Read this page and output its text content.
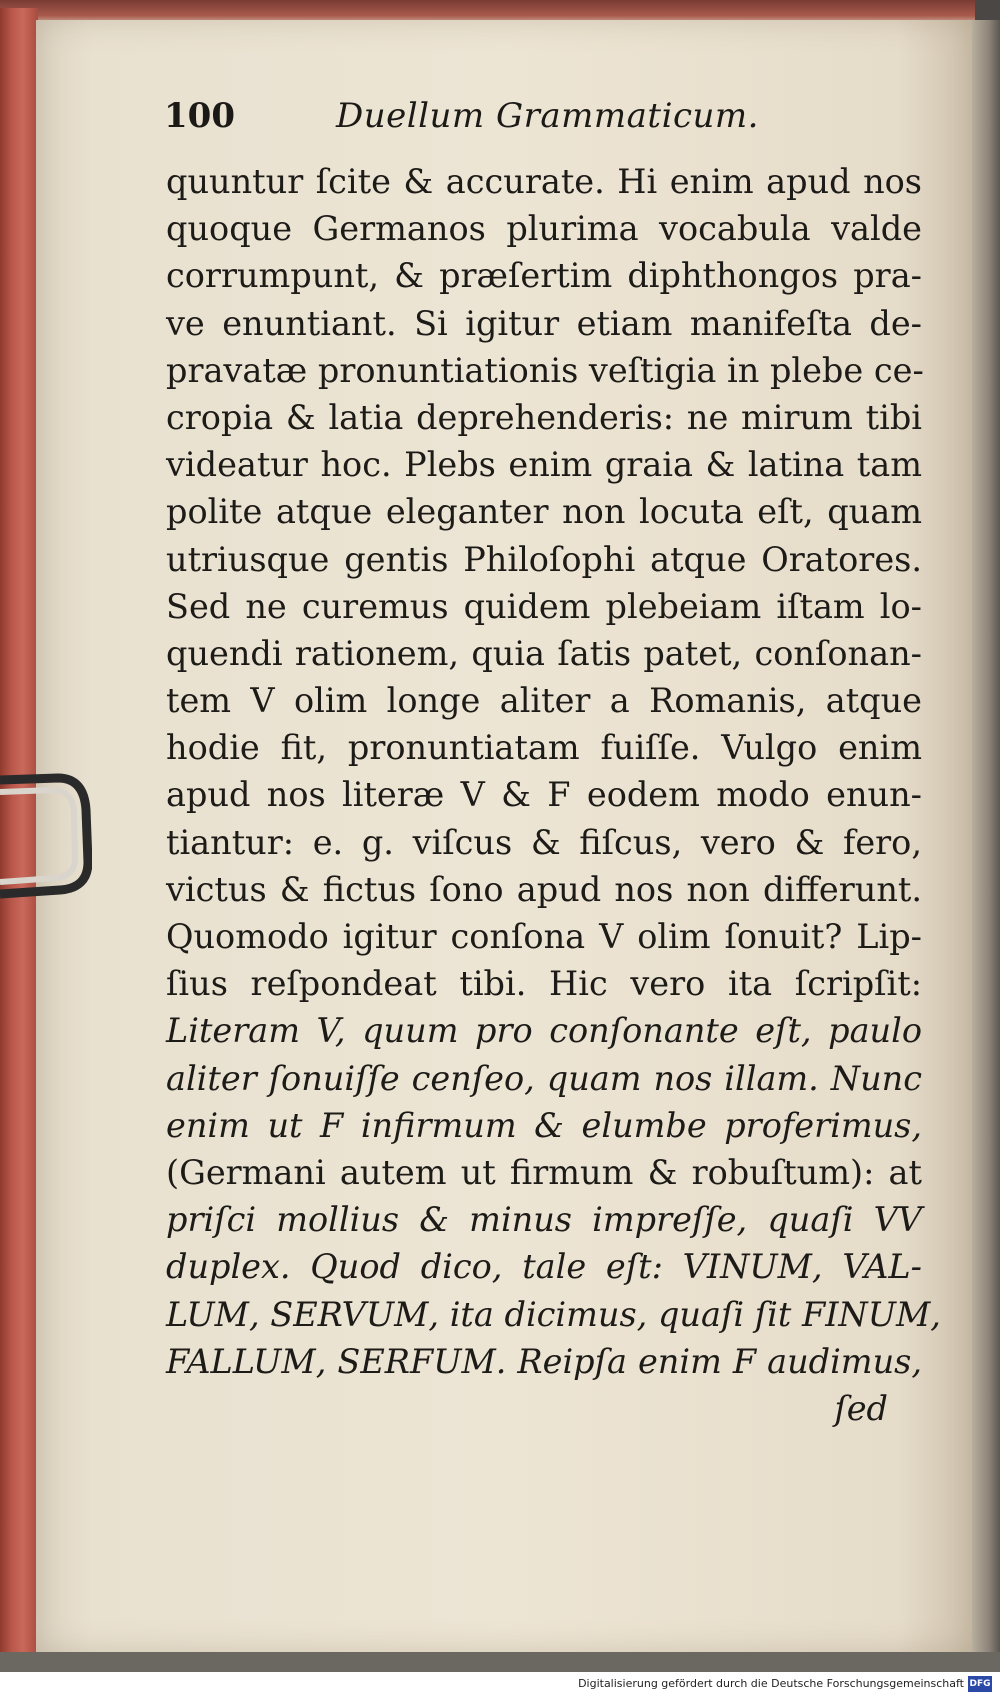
100	Duellum Grammaticum.
quuntur ſcite & accurate. Hi enim apud nos
quoque Germanos plurima vocabula valde
corrumpunt, & præſertim diphthongos pra-
ve enuntiant. Si igitur etiam manifeſta de-
pravatæ pronuntiationis veſtigia in plebe ce-
cropia & latia deprehenderis: ne mirum tibi
videatur hoc. Plebs enim graia & latina tam
polite atque eleganter non locuta eſt, quam
utriusque gentis Philoſophi atque Oratores.
Sed ne curemus quidem plebeiam iſtam lo-
quendi rationem, quia ſatis patet, conſonan-
tem V olim longe aliter a Romanis, atque
hodie fit, pronuntiatam fuiſſe. Vulgo enim
apud nos literæ V & F eodem modo enun-
tiantur: e. g. viſcus & fiſcus, vero & fero,
victus & fictus ſono apud nos non differunt.
Quomodo igitur conſona V olim ſonuit? Lip-
ſius reſpondeat tibi. Hic vero ita ſcripſit:
Literam V, quum pro conſonante eſt, paulo
aliter ſonuiſſe cenſeo, quam nos illam. Nunc
enim ut F infirmum & elumbe proferimus,
(Germani autem ut firmum & robuſtum): at
priſci mollius & minus impreſſe, quaſi VV
duplex. Quod dico, tale eſt: VINUM, VAL-
LUM, SERVUM, ita dicimus, quaſi ſit FINUM,
FALLUM, SERFUM. Reipſa enim F audimus,
ſed
Digitalisierung gefördert durch die Deutsche Forschungsgemeinschaft DFG
